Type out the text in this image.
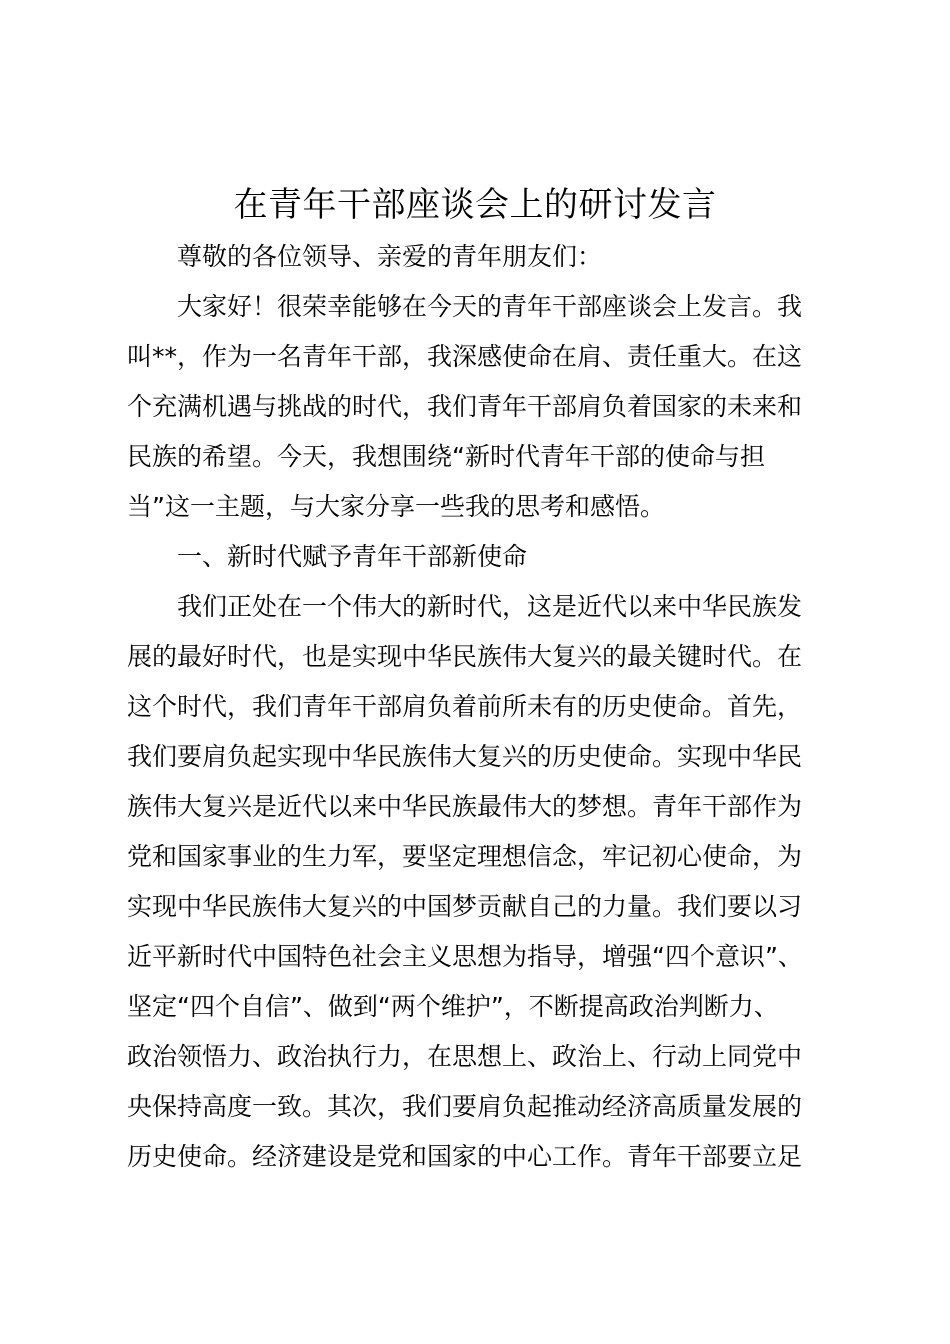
在青年干部座谈会上的研讨发言
尊敬的各位领导、亲爱的青年朋友们：
大家好！很荣幸能够在今天的青年干部座谈会上发言。我
叫**，作为一名青年干部，我深感使命在肩、责任重大。在这
个充满机遇与挑战的时代，我们青年干部肩负着国家的未来和
民族的希望。今天，我想围绕“新时代青年干部的使命与担
当”这一主题，与大家分享一些我的思考和感悟。
一、新时代赋予青年干部新使命
我们正处在一个伟大的新时代，这是近代以来中华民族发
展的最好时代，也是实现中华民族伟大复兴的最关键时代。在
这个时代，我们青年干部肩负着前所未有的历史使命。首先，
我们要肩负起实现中华民族伟大复兴的历史使命。实现中华民
族伟大复兴是近代以来中华民族最伟大的梦想。青年干部作为
党和国家事业的生力军，要坚定理想信念，牢记初心使命，为
实现中华民族伟大复兴的中国梦贡献自己的力量。我们要以习
近平新时代中国特色社会主义思想为指导，增强“四个意识”、
坚定“四个自信”、做到“两个维护”，不断提高政治判断力、
政治领悟力、政治执行力，在思想上、政治上、行动上同党中
央保持高度一致。其次，我们要肩负起推动经济高质量发展的
历史使命。经济建设是党和国家的中心工作。青年干部要立足
